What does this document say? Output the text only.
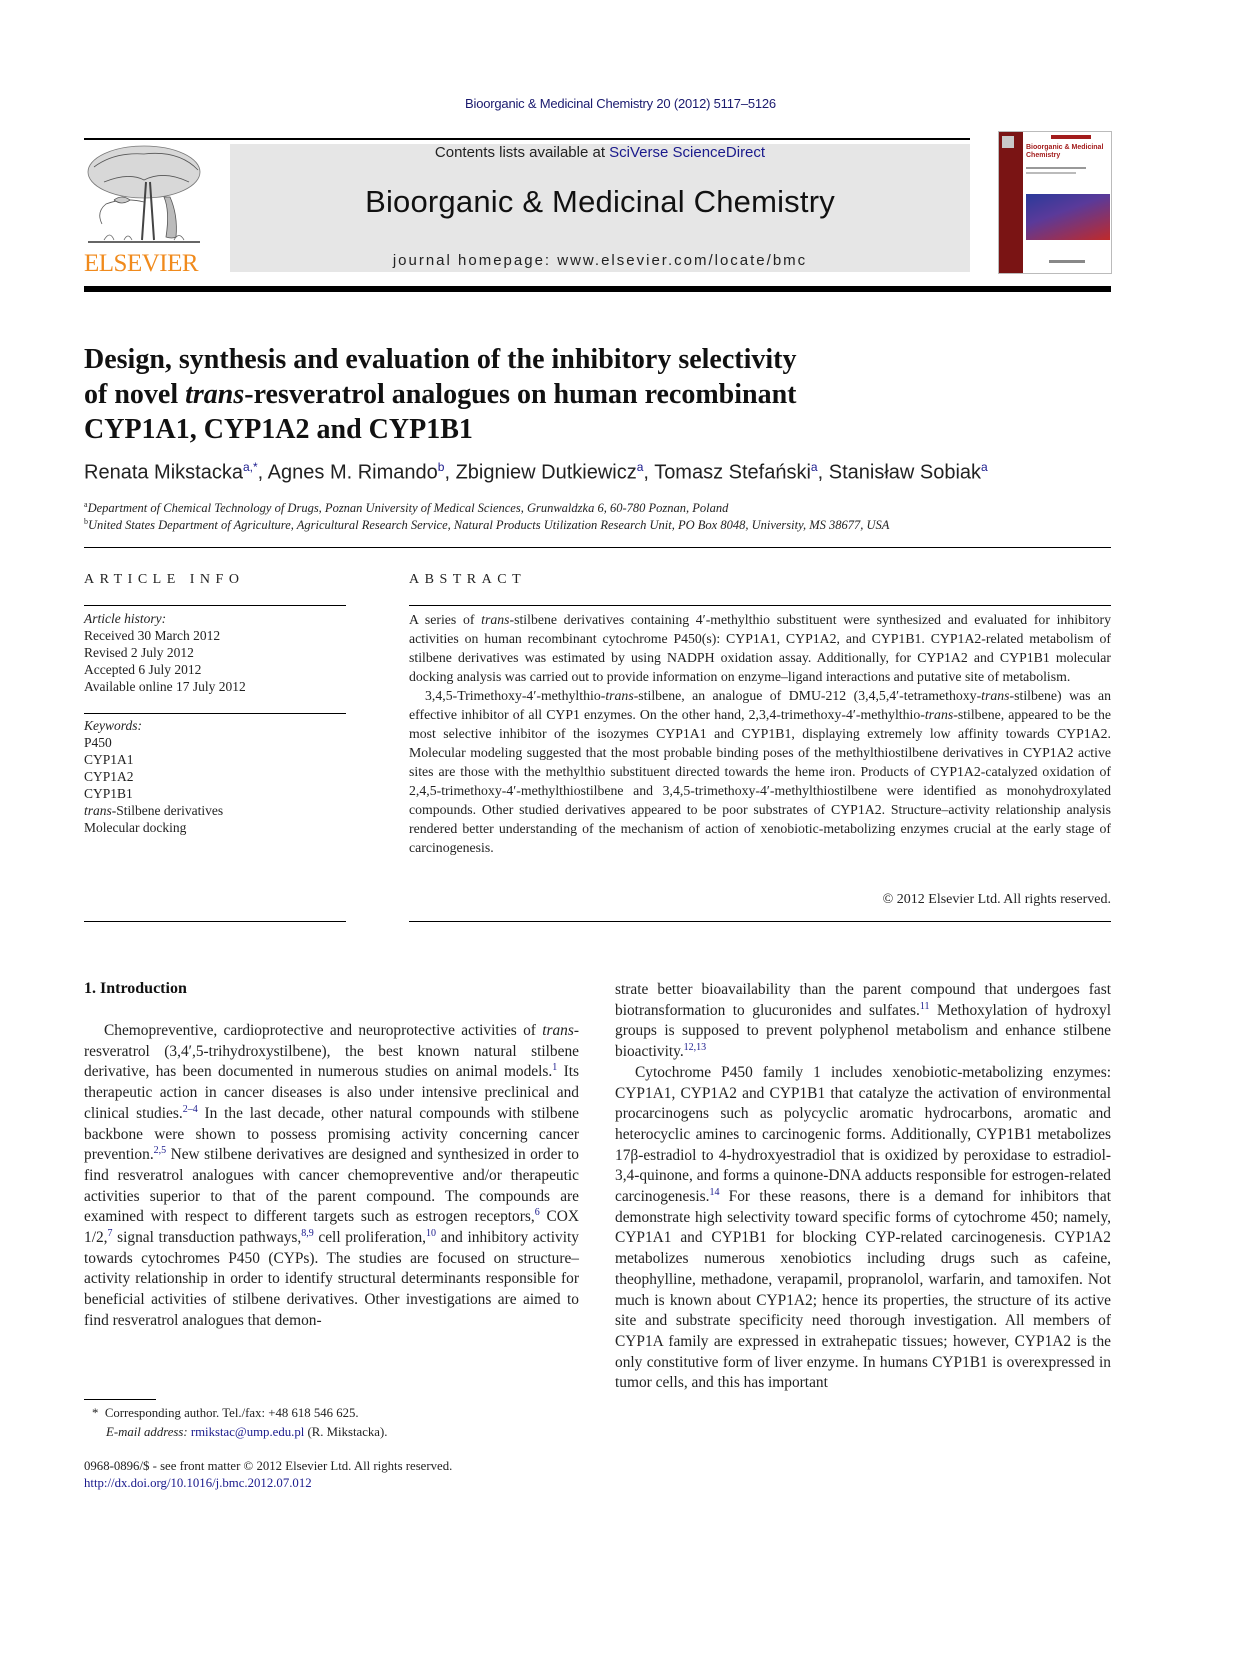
Bioorganic & Medicinal Chemistry 20 (2012) 5117–5126
ELSEVIER
Contents lists available at SciVerse ScienceDirect
Bioorganic & Medicinal Chemistry
journal homepage: www.elsevier.com/locate/bmc
Bioorganic & Medicinal Chemistry
Design, synthesis and evaluation of the inhibitory selectivity
of novel trans-resveratrol analogues on human recombinant
CYP1A1, CYP1A2 and CYP1B1
Renata Mikstacka$^{a,*}$, Agnes M. Rimando$^b$, Zbigniew Dutkiewicz$^a$, Tomasz Stefański$^a$, Stanisław Sobiak$^a$
$^a$Department of Chemical Technology of Drugs, Poznan University of Medical Sciences, Grunwaldzka 6, 60-780 Poznan, Poland
$^b$United States Department of Agriculture, Agricultural Research Service, Natural Products Utilization Research Unit, PO Box 8048, University, MS 38677, USA
ARTICLE INFO
Article history:
Received 30 March 2012
Revised 2 July 2012
Accepted 6 July 2012
Available online 17 July 2012
Keywords:
P450
CYP1A1
CYP1A2
CYP1B1
trans-Stilbene derivatives
Molecular docking
ABSTRACT

A series of trans-stilbene derivatives containing 4′-methylthio substituent were synthesized and evaluated for inhibitory activities on human recombinant cytochrome P450(s): CYP1A1, CYP1A2, and CYP1B1. CYP1A2-related metabolism of stilbene derivatives was estimated by using NADPH oxidation assay. Additionally, for CYP1A2 and CYP1B1 molecular docking analysis was carried out to provide information on enzyme–ligand interactions and putative site of metabolism.

3,4,5-Trimethoxy-4′-methylthio-trans-stilbene, an analogue of DMU-212 (3,4,5,4′-tetramethoxy-trans-stilbene) was an effective inhibitor of all CYP1 enzymes. On the other hand, 2,3,4-trimethoxy-4′-methylthio-trans-stilbene, appeared to be the most selective inhibitor of the isozymes CYP1A1 and CYP1B1, displaying extremely low affinity towards CYP1A2. Molecular modeling suggested that the most probable binding poses of the methylthiostilbene derivatives in CYP1A2 active sites are those with the methylthio substituent directed towards the heme iron. Products of CYP1A2-catalyzed oxidation of 2,4,5-trimethoxy-4′-methylthiostilbene and 3,4,5-trimethoxy-4′-methylthiostilbene were identified as monohydroxylated compounds. Other studied derivatives appeared to be poor substrates of CYP1A2. Structure–activity relationship analysis rendered better understanding of the mechanism of action of xenobiotic-metabolizing enzymes crucial at the early stage of carcinogenesis.

© 2012 Elsevier Ltd. All rights reserved.
1. Introduction

Chemopreventive, cardioprotective and neuroprotective activities of trans-resveratrol (3,4′,5-trihydroxystilbene), the best known natural stilbene derivative, has been documented in numerous studies on animal models.$^1$ Its therapeutic action in cancer diseases is also under intensive preclinical and clinical studies.$^{2-4}$ In the last decade, other natural compounds with stilbene backbone were shown to possess promising activity concerning cancer prevention.$^{2,5}$ New stilbene derivatives are designed and synthesized in order to find resveratrol analogues with cancer chemopreventive and/or therapeutic activities superior to that of the parent compound. The compounds are examined with respect to different targets such as estrogen receptors,$^6$ COX 1/2,$^7$ signal transduction pathways,$^{8,9}$ cell proliferation,$^{10}$ and inhibitory activity towards cytochromes P450 (CYPs). The studies are focused on structure–activity relationship in order to identify structural determinants responsible for beneficial activities of stilbene derivatives. Other investigations are aimed to find resveratrol analogues that demon-

strate better bioavailability than the parent compound that undergoes fast biotransformation to glucuronides and sulfates.$^{11}$ Methoxylation of hydroxyl groups is supposed to prevent polyphenol metabolism and enhance stilbene bioactivity.$^{12,13}$

Cytochrome P450 family 1 includes xenobiotic-metabolizing enzymes: CYP1A1, CYP1A2 and CYP1B1 that catalyze the activation of environmental procarcinogens such as polycyclic aromatic hydrocarbons, aromatic and heterocyclic amines to carcinogenic forms. Additionally, CYP1B1 metabolizes 17β-estradiol to 4-hydroxyestradiol that is oxidized by peroxidase to estradiol-3,4-quinone, and forms a quinone-DNA adducts responsible for estrogen-related carcinogenesis.$^{14}$ For these reasons, there is a demand for inhibitors that demonstrate high selectivity toward specific forms of cytochrome 450; namely, CYP1A1 and CYP1B1 for blocking CYP-related carcinogenesis. CYP1A2 metabolizes numerous xenobiotics including drugs such as cafeine, theophylline, methadone, verapamil, propranolol, warfarin, and tamoxifen. Not much is known about CYP1A2; hence its properties, the structure of its active site and substrate specificity need thorough investigation. All members of CYP1A family are expressed in extrahepatic tissues; however, CYP1A2 is the only constitutive form of liver enzyme. In humans CYP1B1 is overexpressed in tumor cells, and this has important

* Corresponding author. Tel./fax: +48 618 546 625.
E-mail address: rmikstac@ump.edu.pl (R. Mikstacka).
0968-0896/$ - see front matter © 2012 Elsevier Ltd. All rights reserved.
http://dx.doi.org/10.1016/j.bmc.2012.07.012
